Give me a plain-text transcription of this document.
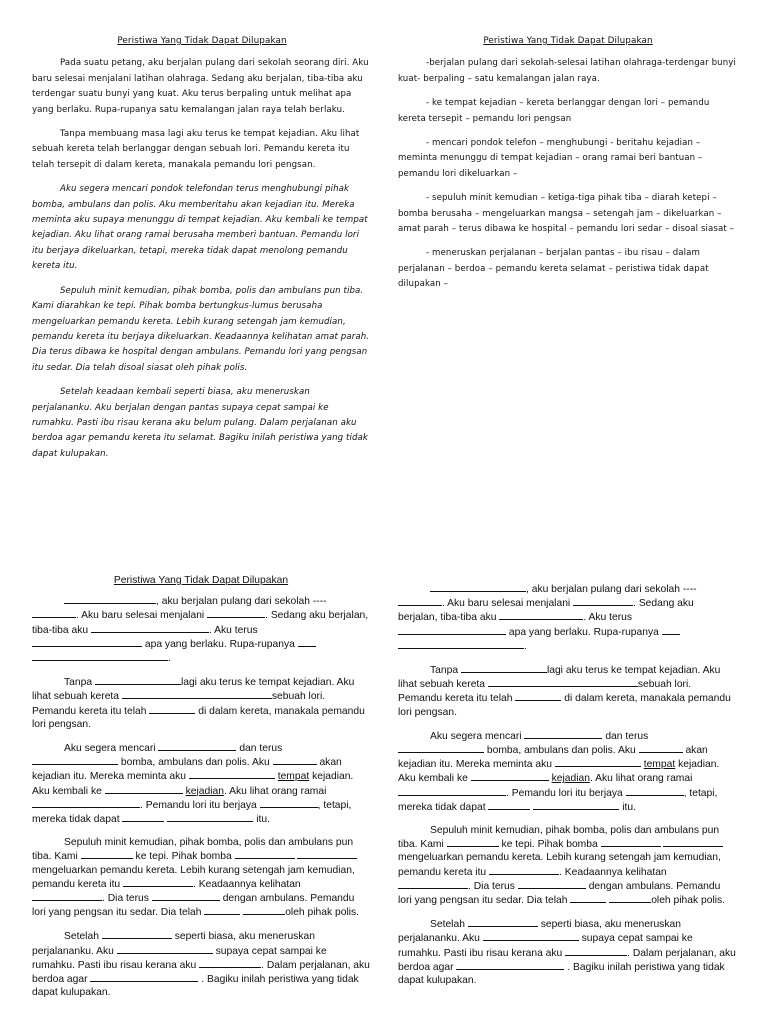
Peristiwa Yang Tidak Dapat Dilupakan

Pada suatu petang, aku berjalan pulang dari sekolah seorang diri. Aku baru selesai menjalani latihan olahraga. Sedang aku berjalan, tiba-tiba aku terdengar suatu bunyi yang kuat. Aku terus berpaling untuk melihat apa yang berlaku. Rupa-rupanya satu kemalangan jalan raya telah berlaku.

Tanpa membuang masa lagi aku terus ke tempat kejadian. Aku lihat sebuah kereta telah berlanggar dengan sebuah lori. Pemandu kereta itu telah tersepit di dalam kereta, manakala pemandu lori pengsan.

Aku segera mencari pondok telefondan terus menghubungi pihak bomba, ambulans dan polis. Aku memberitahu akan kejadian itu. Mereka meminta aku supaya menunggu di tempat kejadian. Aku kembali ke tempat kejadian. Aku lihat orang ramai berusaha memberi bantuan. Pemandu lori itu berjaya dikeluarkan, tetapi, mereka tidak dapat menolong pemandu kereta itu.

Sepuluh minit kemudian, pihak bomba, polis dan ambulans pun tiba. Kami diarahkan ke tepi. Pihak bomba bertungkus-lumus berusaha mengeluarkan pemandu kereta. Lebih kurang setengah jam kemudian, pemandu kereta itu berjaya dikeluarkan. Keadaannya kelihatan amat parah. Dia terus dibawa ke hospital dengan ambulans. Pemandu lori yang pengsan itu sedar. Dia telah disoal siasat oleh pihak polis.

Setelah keadaan kembali seperti biasa, aku meneruskan perjalananku. Aku berjalan dengan pantas supaya cepat sampai ke rumahku. Pasti ibu risau kerana aku belum pulang. Dalam perjalanan aku berdoa agar pemandu kereta itu selamat. Bagiku inilah peristiwa yang tidak dapat kulupakan.

Peristiwa Yang Tidak Dapat Dilupakan

-berjalan pulang dari sekolah-selesai latihan olahraga-terdengar bunyi kuat- berpaling – satu kemalangan jalan raya.

- ke tempat kejadian – kereta berlanggar dengan lori – pemandu kereta tersepit – pemandu lori pengsan

- mencari pondok telefon – menghubungi - beritahu kejadian – meminta menunggu di tempat kejadian – orang ramai beri bantuan – pemandu lori dikeluarkan –

- sepuluh minit kemudian – ketiga-tiga pihak tiba – diarah ketepi – bomba berusaha – mengeluarkan mangsa – setengah jam – dikeluarkan – amat parah – terus dibawa ke hospital – pemandu lori sedar – disoal siasat –

- meneruskan perjalanan – berjalan pantas – ibu risau – dalam perjalanan – berdoa – pemandu kereta selamat – peristiwa tidak dapat dilupakan –

Peristiwa Yang Tidak Dapat Dilupakan

, aku berjalan pulang dari sekolah ----. Aku baru selesai menjalani	. Sedang aku berjalan, tiba-tiba aku	. Aku terus  apa yang berlaku. Rupa-rupanya  .

Tanpa	lagi aku terus ke tempat kejadian. Aku lihat sebuah kereta	sebuah lori. Pemandu kereta itu telah	di dalam kereta, manakala pemandu lori pengsan.

Aku segera mencari	dan terus  bomba, ambulans dan polis. Aku	akan kejadian itu. Mereka meminta aku	tempat kejadian. Aku kembali ke	kejadian. Aku lihat orang ramai . Pemandu lori itu berjaya	, tetapi, mereka tidak dapat	itu.

Sepuluh minit kemudian, pihak bomba, polis dan ambulans pun tiba. Kami	ke tepi. Pihak bomba  mengeluarkan pemandu kereta. Lebih kurang setengah jam kemudian, pemandu kereta itu	. Keadaannya kelihatan . Dia terus	dengan ambulans. Pemandu lori yang pengsan itu sedar. Dia telah	oleh pihak polis.

Setelah	seperti biasa, aku meneruskan perjalananku. Aku	supaya cepat sampai ke rumahku. Pasti ibu risau kerana aku	. Dalam perjalanan, aku berdoa agar	. Bagiku inilah peristiwa yang tidak dapat kulupakan.

, aku berjalan pulang dari sekolah ----. Aku baru selesai menjalani	. Sedang aku berjalan, tiba-tiba aku	. Aku terus  apa yang berlaku. Rupa-rupanya  .

Tanpa	lagi aku terus ke tempat kejadian. Aku lihat sebuah kereta	sebuah lori. Pemandu kereta itu telah	di dalam kereta, manakala pemandu lori pengsan.

Aku segera mencari	dan terus  bomba, ambulans dan polis. Aku	akan kejadian itu. Mereka meminta aku	tempat kejadian. Aku kembali ke	kejadian. Aku lihat orang ramai . Pemandu lori itu berjaya	, tetapi, mereka tidak dapat	itu.

Sepuluh minit kemudian, pihak bomba, polis dan ambulans pun tiba. Kami	ke tepi. Pihak bomba  mengeluarkan pemandu kereta. Lebih kurang setengah jam kemudian, pemandu kereta itu	. Keadaannya kelihatan . Dia terus	dengan ambulans. Pemandu lori yang pengsan itu sedar. Dia telah	oleh pihak polis.

Setelah	seperti biasa, aku meneruskan perjalananku. Aku	supaya cepat sampai ke rumahku. Pasti ibu risau kerana aku	. Dalam perjalanan, aku berdoa agar	. Bagiku inilah peristiwa yang tidak dapat kulupakan.
